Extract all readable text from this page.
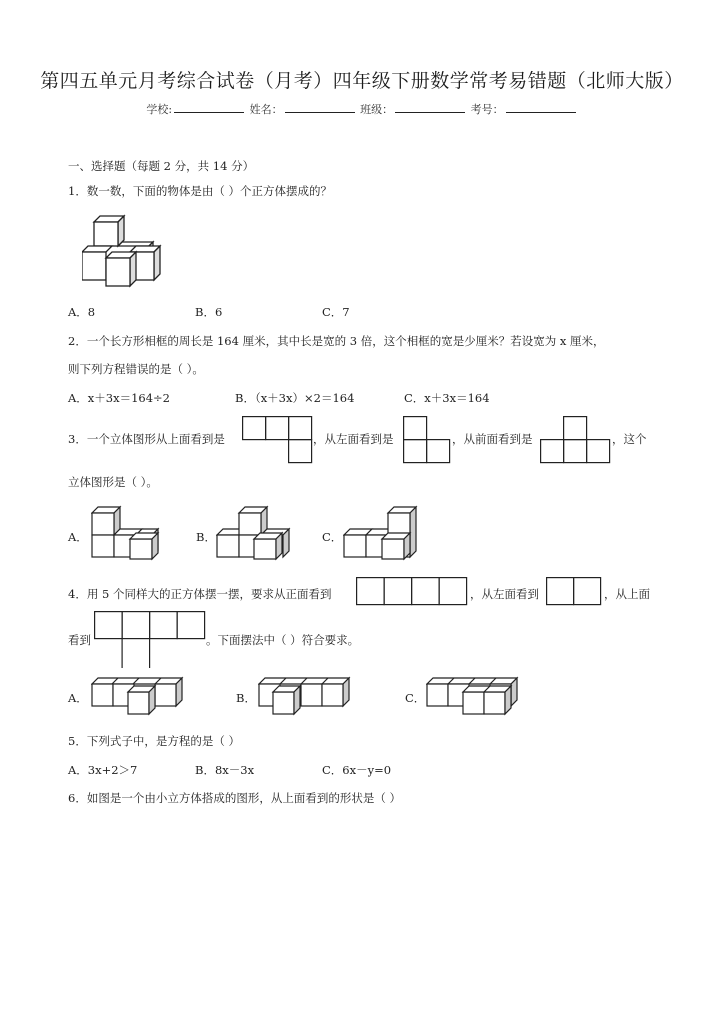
第四五单元月考综合试卷（月考）四年级下册数学常考易错题（北师大版）
学校:	姓名：	班级：	考号：
一、选择题（每题 2 分，共 14 分）
1．数一数，下面的物体是由（ ）个正方体摆成的？
A．8	B．6	C．7
2．一个长方形相框的周长是 164 厘米，其中长是宽的 3 倍，这个相框的宽是少厘米？若设宽为 x 厘米，
则下列方程错误的是（ ）。
A．x＋3x＝164÷2	B．（x＋3x）×2＝164	C．x＋3x＝164
3．一个立体图形从上面看到是	，从左面看到是	，从前面看到是	，这个
立体图形是（ ）。
A．	B．	C．
4．用 5 个同样大的正方体摆一摆，要求从正面看到	，从左面看到	，从上面
看到	。下面摆法中（ ）符合要求。
A．	B．	C．
5．下列式子中，是方程的是（ ）
A．3x+2＞7	B．8x－3x	C．6x－y=0
6．如图是一个由小立方体搭成的图形，从上面看到的形状是（ ）
